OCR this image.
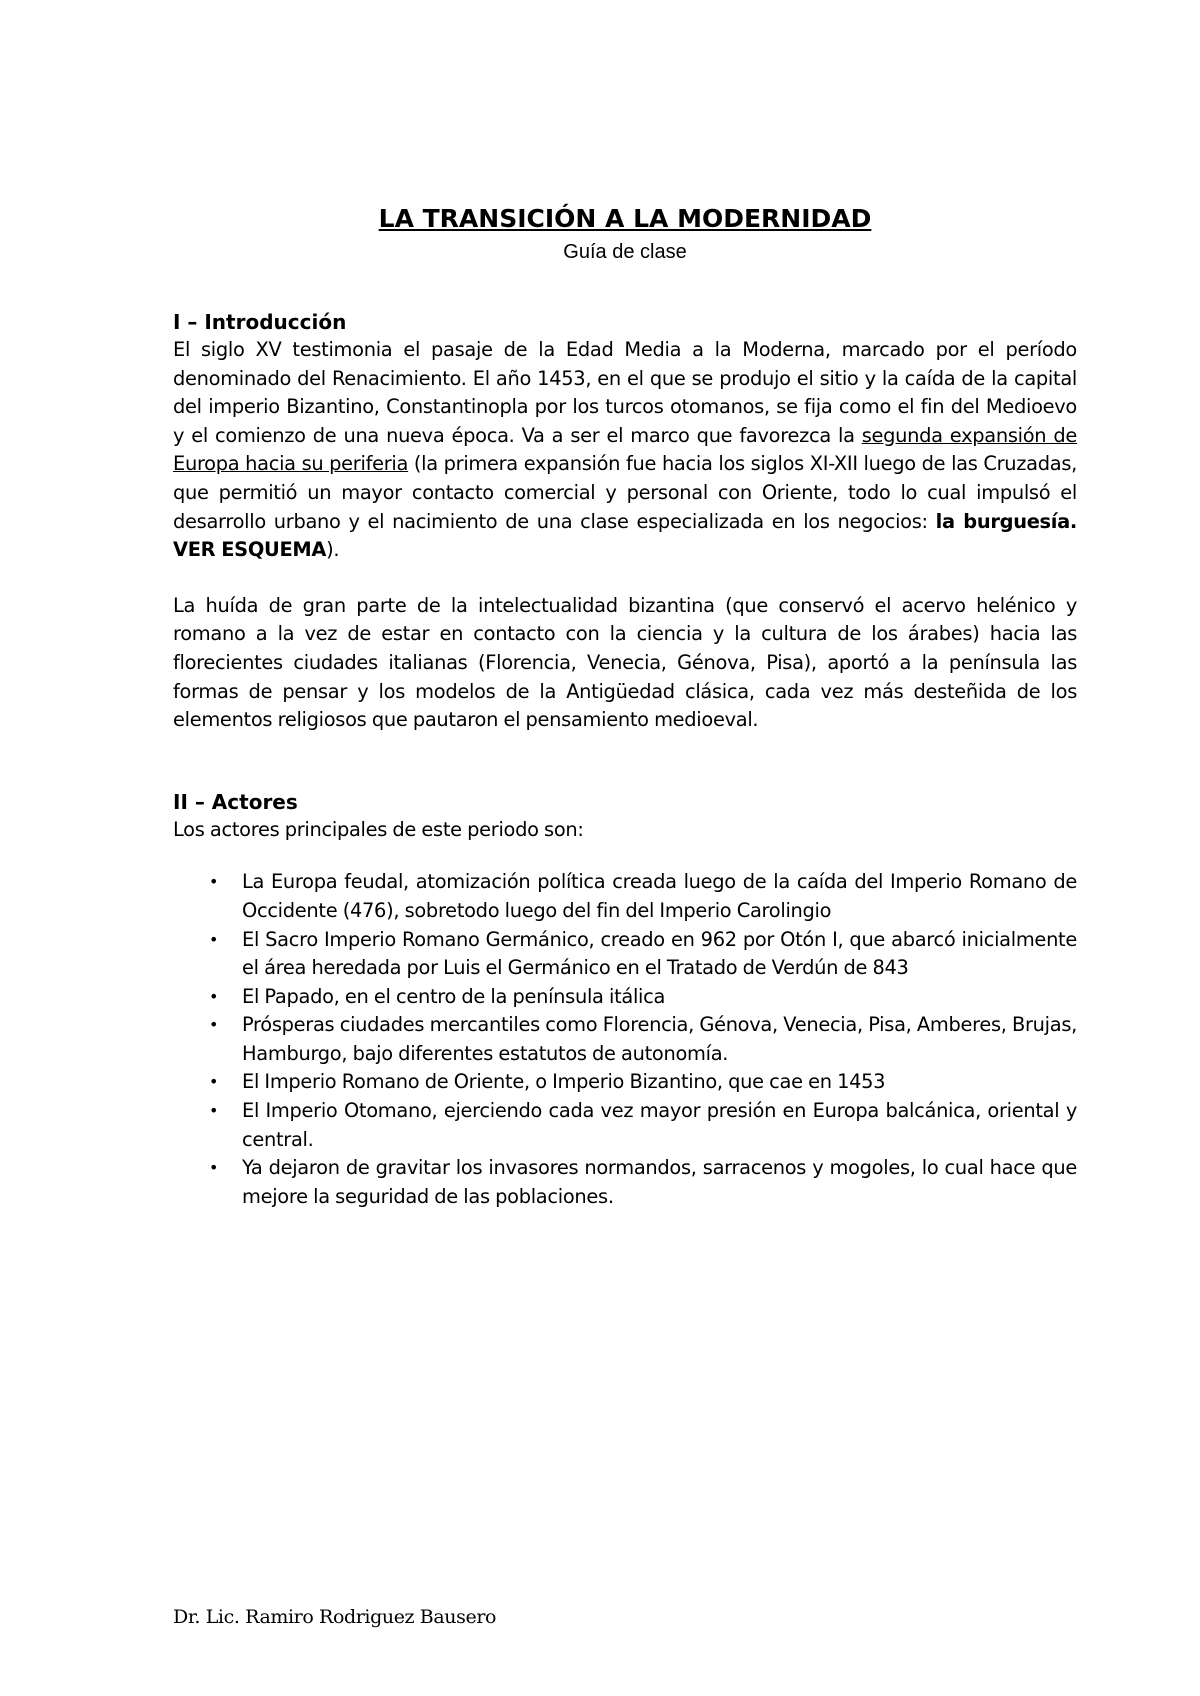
LA TRANSICIÓN A LA MODERNIDAD

Guía de clase

I – Introducción

El siglo XV testimonia el pasaje de la Edad Media a la Moderna, marcado por el período denominado del Renacimiento. El año 1453, en el que se produjo el sitio y la caída de la capital del imperio Bizantino, Constantinopla por los turcos otomanos, se fija como el fin del Medioevo y el comienzo de una nueva época. Va a ser el marco que favorezca la segunda expansión de Europa hacia su periferia (la primera expansión fue hacia los siglos XI-XII luego de las Cruzadas, que permitió un mayor contacto comercial y personal con Oriente, todo lo cual impulsó el desarrollo urbano y el nacimiento de una clase especializada en los negocios: la burguesía. VER ESQUEMA).

La huída de gran parte de la intelectualidad bizantina (que conservó el acervo helénico y romano a la vez de estar en contacto con la ciencia y la cultura de los árabes) hacia las florecientes ciudades italianas (Florencia, Venecia, Génova, Pisa), aportó a la península las formas de pensar y los modelos de la Antigüedad clásica, cada vez más desteñida de los elementos religiosos que pautaron el pensamiento medioeval.

II – Actores

Los actores principales de este periodo son:

• La Europa feudal, atomización política creada luego de la caída del Imperio Romano de Occidente (476), sobretodo luego del fin del Imperio Carolingio
• El Sacro Imperio Romano Germánico, creado en 962 por Otón I, que abarcó inicialmente el área heredada por Luis el Germánico en el Tratado de Verdún de 843
• El Papado, en el centro de la península itálica
• Prósperas ciudades mercantiles como Florencia, Génova, Venecia, Pisa, Amberes, Brujas, Hamburgo, bajo diferentes estatutos de autonomía.
• El Imperio Romano de Oriente, o Imperio Bizantino, que cae en 1453
• El Imperio Otomano, ejerciendo cada vez mayor presión en Europa balcánica, oriental y central.
• Ya dejaron de gravitar los invasores normandos, sarracenos y mogoles, lo cual hace que mejore la seguridad de las poblaciones.
Dr. Lic. Ramiro Rodriguez Bausero
